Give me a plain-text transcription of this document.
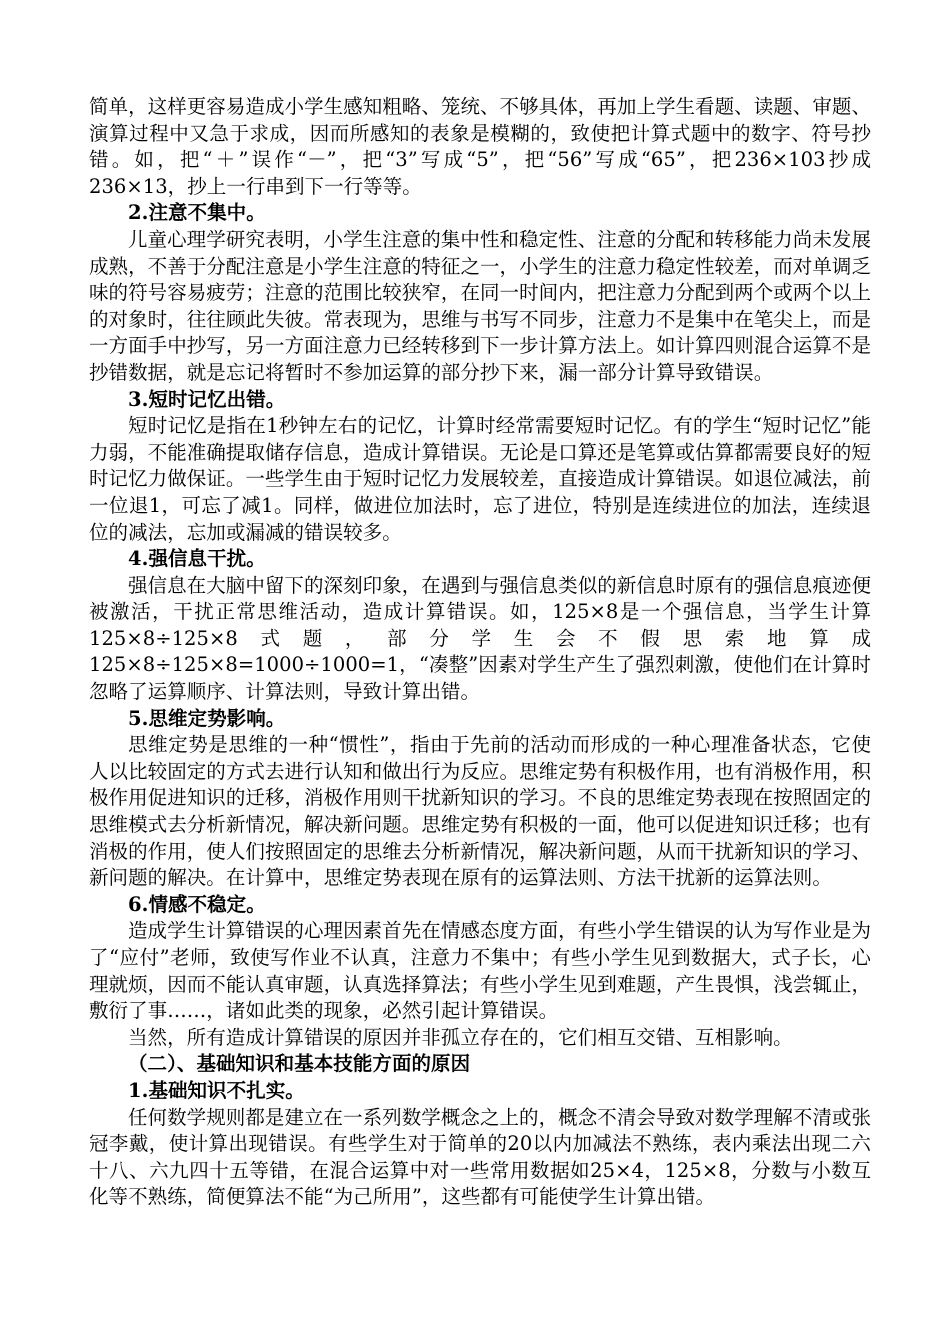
简单，这样更容易造成小学生感知粗略、笼统、不够具体，再加上学生看题、读题、审题、演算过程中又急于求成，因而所感知的表象是模糊的，致使把计算式题中的数字、符号抄错。如，把“＋”误作“－”，把“3”写成“5”，把“56”写成“65”，把236×103抄成236×13，抄上一行串到下一行等等。

2.注意不集中。

儿童心理学研究表明，小学生注意的集中性和稳定性、注意的分配和转移能力尚未发展成熟，不善于分配注意是小学生注意的特征之一，小学生的注意力稳定性较差，而对单调乏味的符号容易疲劳；注意的范围比较狭窄，在同一时间内，把注意力分配到两个或两个以上的对象时，往往顾此失彼。常表现为，思维与书写不同步，注意力不是集中在笔尖上，而是一方面手中抄写，另一方面注意力已经转移到下一步计算方法上。如计算四则混合运算不是抄错数据，就是忘记将暂时不参加运算的部分抄下来，漏一部分计算导致错误。

3.短时记忆出错。

短时记忆是指在1秒钟左右的记忆，计算时经常需要短时记忆。有的学生“短时记忆”能力弱，不能准确提取储存信息，造成计算错误。无论是口算还是笔算或估算都需要良好的短时记忆力做保证。一些学生由于短时记忆力发展较差，直接造成计算错误。如退位减法，前一位退1，可忘了减1。同样，做进位加法时，忘了进位，特别是连续进位的加法，连续退位的减法，忘加或漏减的错误较多。

4.强信息干扰。

强信息在大脑中留下的深刻印象，在遇到与强信息类似的新信息时原有的强信息痕迹便被激活，干扰正常思维活动，造成计算错误。如，125×8是一个强信息，当学生计算125×8÷125×8式题，部分学生会不假思索地算成125×8÷125×8=1000÷1000=1，“凑整”因素对学生产生了强烈刺激，使他们在计算时忽略了运算顺序、计算法则，导致计算出错。

5.思维定势影响。

思维定势是思维的一种“惯性”，指由于先前的活动而形成的一种心理准备状态，它使人以比较固定的方式去进行认知和做出行为反应。思维定势有积极作用，也有消极作用，积极作用促进知识的迁移，消极作用则干扰新知识的学习。不良的思维定势表现在按照固定的思维模式去分析新情况，解决新问题。思维定势有积极的一面，他可以促进知识迁移；也有消极的作用，使人们按照固定的思维去分析新情况，解决新问题，从而干扰新知识的学习、新问题的解决。在计算中，思维定势表现在原有的运算法则、方法干扰新的运算法则。

6.情感不稳定。

造成学生计算错误的心理因素首先在情感态度方面，有些小学生错误的认为写作业是为了“应付”老师，致使写作业不认真，注意力不集中；有些小学生见到数据大，式子长，心理就烦，因而不能认真审题，认真选择算法；有些小学生见到难题，产生畏惧，浅尝辄止，敷衍了事……，诸如此类的现象，必然引起计算错误。

当然，所有造成计算错误的原因并非孤立存在的，它们相互交错、互相影响。

（二）、基础知识和基本技能方面的原因

1.基础知识不扎实。

任何数学规则都是建立在一系列数学概念之上的，概念不清会导致对数学理解不清或张冠李戴，使计算出现错误。有些学生对于简单的20以内加减法不熟练，表内乘法出现二六十八、六九四十五等错，在混合运算中对一些常用数据如25×4，125×8，分数与小数互化等不熟练，简便算法不能“为己所用”，这些都有可能使学生计算出错。
